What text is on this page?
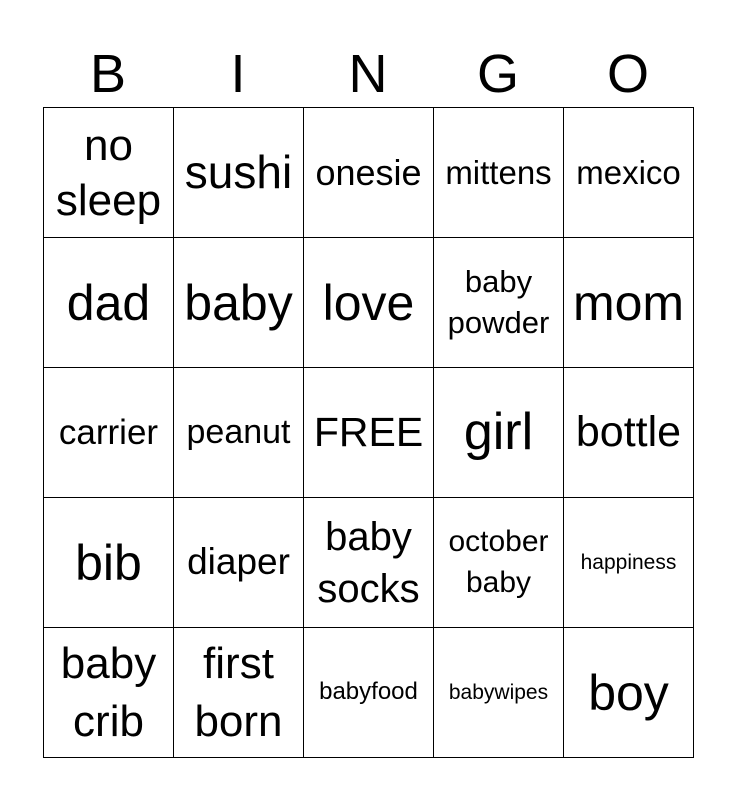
B	I	N	G	O
no sleep	sushi	onesie	mittens	mexico
dad	baby	love	baby powder	mom
carrier	peanut	FREE	girl	bottle
bib	diaper	baby socks	october baby	happiness
baby crib	first born	babyfood	babywipes	boy
